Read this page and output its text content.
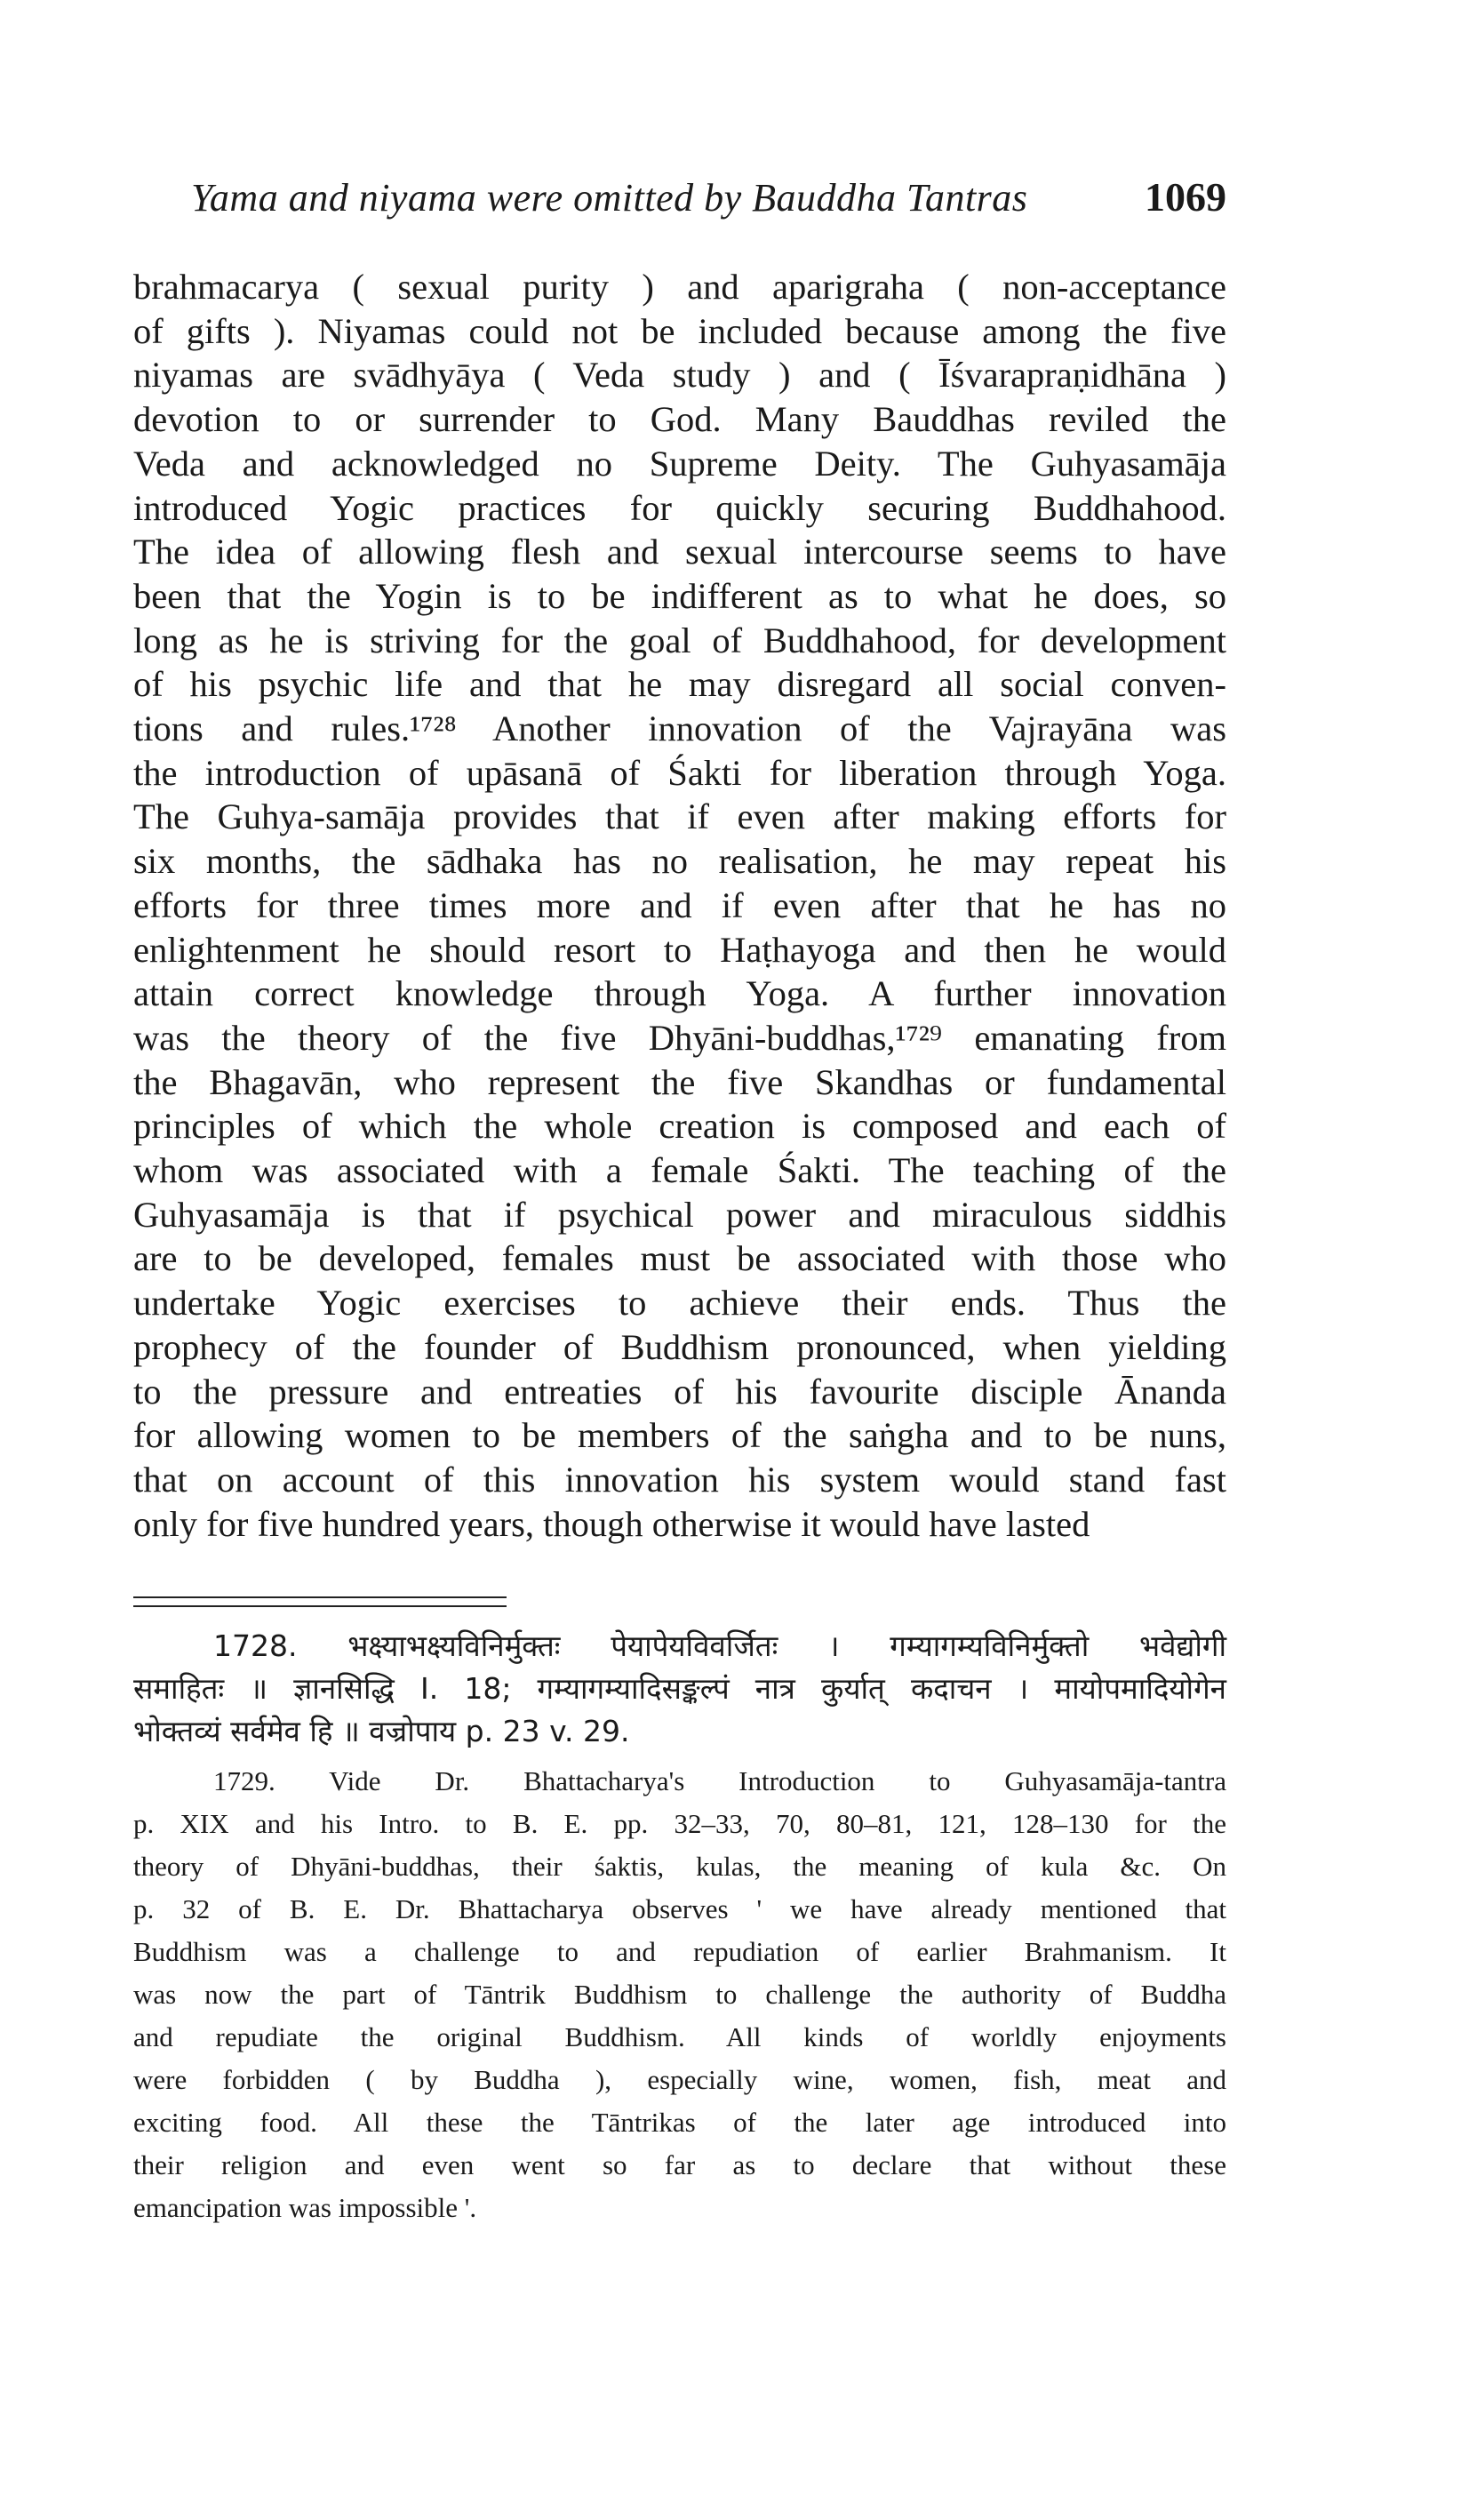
Yama and niyama were omitted by Bauddha Tantras	1069
brahmacarya ( sexual purity ) and aparigraha ( non-acceptance
of gifts ). Niyamas could not be included because among the five
niyamas are svādhyāya ( Veda study ) and ( Īśvarapraṇidhāna )
devotion to or surrender to God. Many Bauddhas reviled the
Veda and acknowledged no Supreme Deity. The Guhyasamāja
introduced Yogic practices for quickly securing Buddhahood.
The idea of allowing flesh and sexual intercourse seems to have
been that the Yogin is to be indifferent as to what he does, so
long as he is striving for the goal of Buddhahood, for development
of his psychic life and that he may disregard all social conven-
tions and rules.¹⁷²⁸ Another innovation of the Vajrayāna was
the introduction of upāsanā of Śakti for liberation through Yoga.
The Guhya-samāja provides that if even after making efforts for
six months, the sādhaka has no realisation, he may repeat his
efforts for three times more and if even after that he has no
enlightenment he should resort to Haṭhayoga and then he would
attain correct knowledge through Yoga. A further innovation
was the theory of the five Dhyāni-buddhas,¹⁷²⁹ emanating from
the Bhagavān, who represent the five Skandhas or fundamental
principles of which the whole creation is composed and each of
whom was associated with a female Śakti. The teaching of the
Guhyasamāja is that if psychical power and miraculous siddhis
are to be developed, females must be associated with those who
undertake Yogic exercises to achieve their ends. Thus the
prophecy of the founder of Buddhism pronounced, when yielding
to the pressure and entreaties of his favourite disciple Ānanda
for allowing women to be members of the saṅgha and to be nuns,
that on account of this innovation his system would stand fast
only for five hundred years, though otherwise it would have lasted
1728. भक्ष्याभक्ष्यविनिर्मुक्तः पेयापेयविवर्जितः । गम्यागम्यविनिर्मुक्तो भवेद्योगी
समाहितः ॥ ज्ञानसिद्धि I. 18; गम्यागम्यादिसङ्कल्पं नात्र कुर्यात् कदाचन । मायोपमादियोगेन
भोक्तव्यं सर्वमेव हि ॥ वज्रोपाय p. 23 v. 29.
1729. Vide Dr. Bhattacharya's Introduction to Guhyasamāja-tantra
p. XIX and his Intro. to B. E. pp. 32–33, 70, 80–81, 121, 128–130 for the
theory of Dhyāni-buddhas, their śaktis, kulas, the meaning of kula &c. On
p. 32 of B. E. Dr. Bhattacharya observes ' we have already mentioned that
Buddhism was a challenge to and repudiation of earlier Brahmanism. It
was now the part of Tāntrik Buddhism to challenge the authority of Buddha
and repudiate the original Buddhism. All kinds of worldly enjoyments
were forbidden ( by Buddha ), especially wine, women, fish, meat and
exciting food. All these the Tāntrikas of the later age introduced into
their religion and even went so far as to declare that without these
emancipation was impossible '.
